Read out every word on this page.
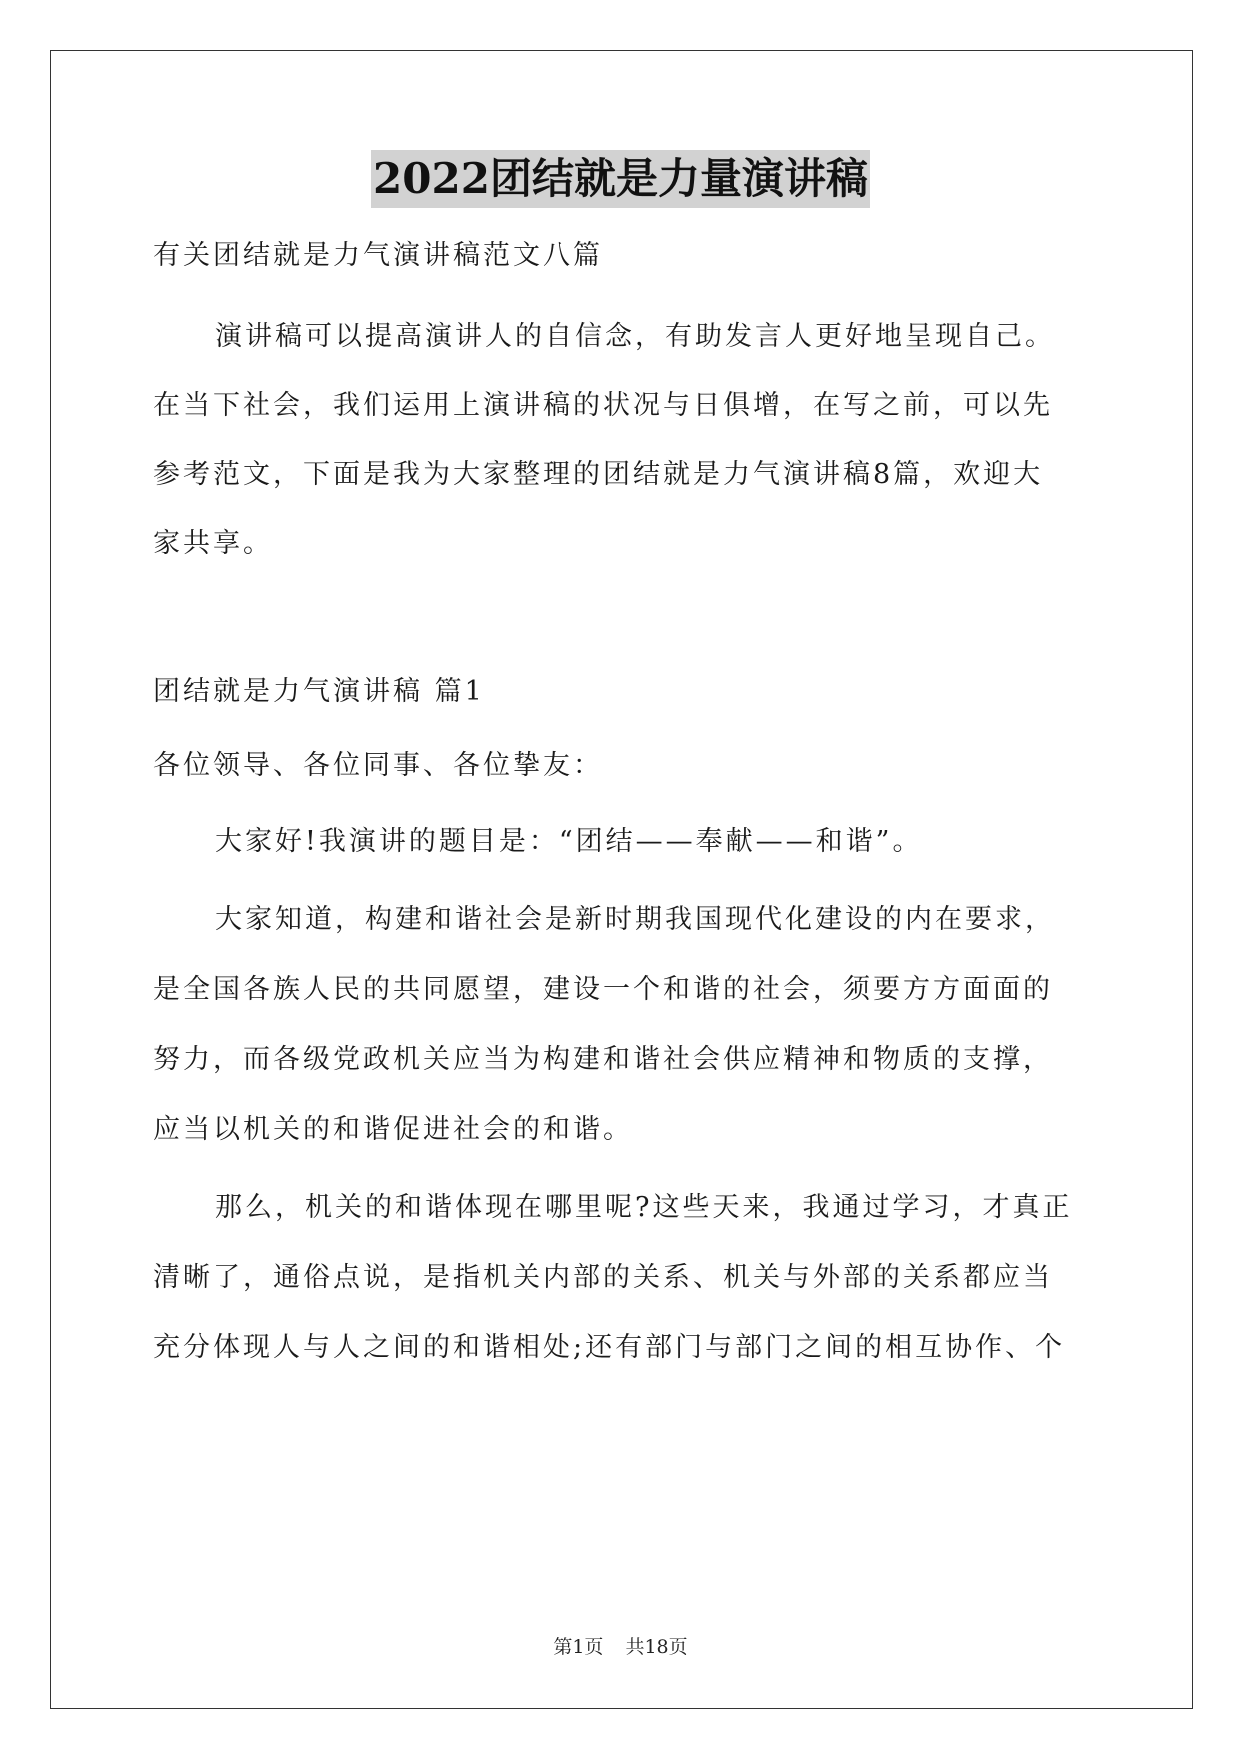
2022团结就是力量演讲稿
有关团结就是力气演讲稿范文八篇
演讲稿可以提高演讲人的自信念，有助发言人更好地呈现自己。
在当下社会，我们运用上演讲稿的状况与日俱增，在写之前，可以先
参考范文，下面是我为大家整理的团结就是力气演讲稿8篇，欢迎大
家共享。
团结就是力气演讲稿 篇1
各位领导、各位同事、各位挚友：
大家好!我演讲的题目是：“团结——奉献——和谐”。
大家知道，构建和谐社会是新时期我国现代化建设的内在要求，
是全国各族人民的共同愿望，建设一个和谐的社会，须要方方面面的
努力，而各级党政机关应当为构建和谐社会供应精神和物质的支撑，
应当以机关的和谐促进社会的和谐。
那么，机关的和谐体现在哪里呢?这些天来，我通过学习，才真正
清晰了，通俗点说，是指机关内部的关系、机关与外部的关系都应当
充分体现人与人之间的和谐相处;还有部门与部门之间的相互协作、个
第1页 共18页
